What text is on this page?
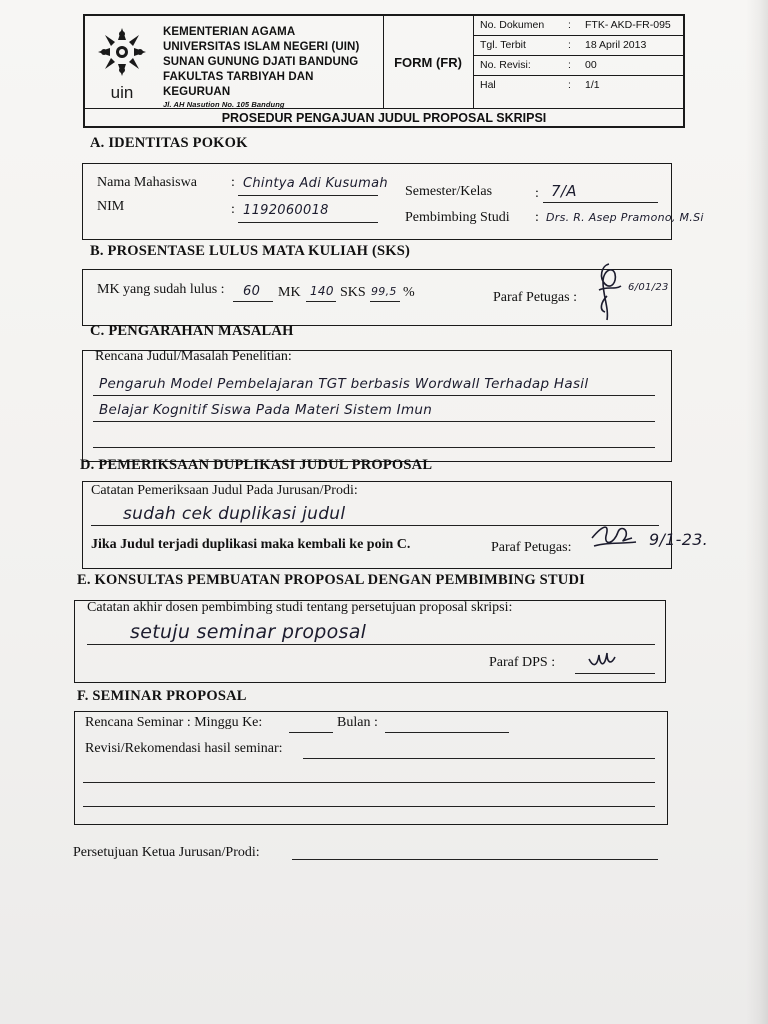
uin
KEMENTERIAN AGAMA
UNIVERSITAS ISLAM NEGERI (UIN)
SUNAN GUNUNG DJATI BANDUNG
FAKULTAS TARBIYAH DAN KEGURUAN
Jl. AH Nasution No. 105 Bandung
FORM (FR)
No. Dokumen : FTK- AKD-FR-095
Tgl. Terbit	: 18 April 2013
No. Revisi:	: 00
Hal	: 1/1
PROSEDUR PENGAJUAN JUDUL PROPOSAL SKRIPSI
A. IDENTITAS POKOK
Nama Mahasiswa : Chintya Adi Kusumah
NIM	: 1192060018
Semester/Kelas	: 7/A
Pembimbing Studi : Drs. R. Asep Pramono, M.Si
B. PROSENTASE LULUS MATA KULIAH (SKS)
MK yang sudah lulus : 60 MK 140 SKS 99,5 %	Paraf Petugas :
6/01/23
C. PENGARAHAN MASALAH
Rencana Judul/Masalah Penelitian:
Pengaruh Model Pembelajaran TGT berbasis Wordwall Terhadap Hasil
Belajar Kognitif Siswa Pada Materi Sistem Imun
D. PEMERIKSAAN DUPLIKASI JUDUL PROPOSAL
Catatan Pemeriksaan Judul Pada Jurusan/Prodi:
sudah cek duplikasi judul
Jika Judul terjadi duplikasi maka kembali ke poin C.	Paraf Petugas:	9/1-23.
E. KONSULTAS PEMBUATAN PROPOSAL DENGAN PEMBIMBING STUDI
Catatan akhir dosen pembimbing studi tentang persetujuan proposal skripsi:
setuju seminar proposal
Paraf DPS :
F. SEMINAR PROPOSAL
Rencana Seminar : Minggu Ke:	Bulan :
Revisi/Rekomendasi hasil seminar:
Persetujuan Ketua Jurusan/Prodi:
